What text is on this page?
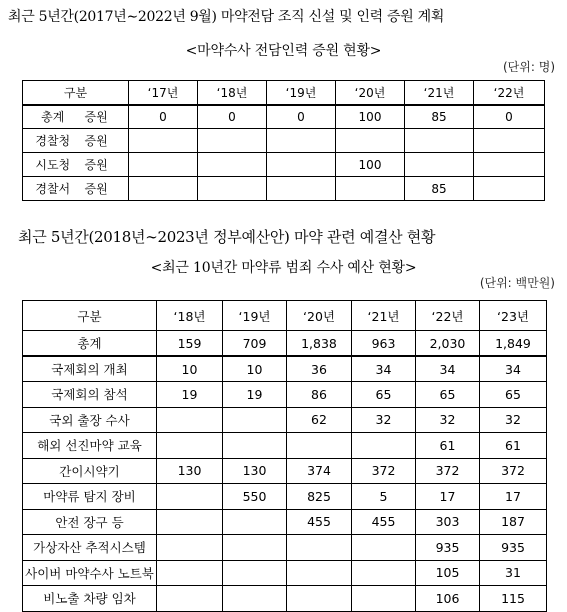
최근 5년간(2017년∼2022년 9월) 마약전담 조직 신설 및 인력 증원 계획
<마약수사 전담인력 증원 현황>
(단위: 명)
구분		‘17년	‘18년	‘19년	‘20년	‘21년	‘22년
총계	증원	0	0	0	100	85	0
경찰청	증원						
시도청	증원				100		
경찰서	증원					85	
최근 5년간(2018년∼2023년 정부예산안) 마약 관련 예결산 현황
<최근 10년간 마약류 범죄 수사 예산 현황>
(단위: 백만원)
구분	‘18년	‘19년	‘20년	‘21년	‘22년	‘23년
총계	159	709	1,838	963	2,030	1,849
국제회의 개최	10	10	36	34	34	34
국제회의 참석	19	19	86	65	65	65
국외 출장 수사			62	32	32	32
해외 선진마약 교육					61	61
간이시약기	130	130	374	372	372	372
마약류 탐지 장비		550	825	5	17	17
안전 장구 등			455	455	303	187
가상자산 추적시스템					935	935
사이버 마약수사 노트북					105	31
비노출 차량 임차					106	115
